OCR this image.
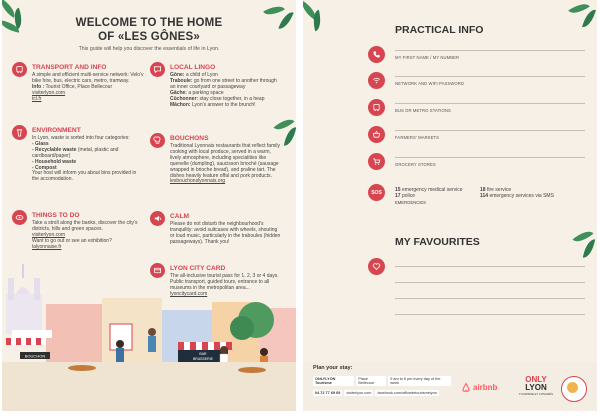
WELCOME TO THE HOME
OF «LES GÔNES»
This guide will help you discover the essentials of life in Lyon.
TRANSPORT AND INFO

A simple and efficient multi-service network: Velo'v bike hire, bus, electric cars, metro, tramway.

Info : Tourist Office, Place Bellecour

visiterlyon.com

tcl.fr

ENVIRONMENT

In Lyon, waste is sorted into four categories:

- Glass

- Recyclable waste (metal, plastic and cardboard/paper)

- Household waste

- Compost

Your host will inform you about bins provided in the accomodation.

THINGS TO DO

Take a stroll along the banks, discover the city's districts, hills and green spaces.

visiterlyon.com

Want to go out or see an exhibition?

lalyonnaise.fr

LOCAL LINGO

Gône: a child of Lyon

Traboule: go from one street to another through an inner courtyard or passageway

Gâche: a parking space

Cûchonner: stay close together, in a heap

Mâchon: Lyon's answer to the brunch!

BOUCHONS

Traditional Lyonnais restaurants that reflect family cooking with local produce, served in a warm, lively atmosphere, including specialities like quenelle (dumpling), saucisson brioché (sausage wrapped in brioche bread), and praline tart. The dishes heavily feature offal and pork products.

lesbouchonslyonnais.org

CALM

Please do not disturb the neighbourhood's tranquility: avoid suitcases with wheels, shouting or loud music, particularly in the traboules (hidden passageways). Thank you!

LYON CITY CARD

The all-inclusive tourist pass for 1, 2, 3 or 4 days. Public transport, guided tours, entrance to all museums in the metropolitan area...

lyoncitycard.com

BOUCHON	BAR
BRASSERIE
PRACTICAL INFO
MY FIRST NAME / MY NUMBER
NETWORK AND WIFI PASSWORD
BUS OR METRO STATIONS
FARMERS' MARKETS
GROCERY STORES
SOS	15 emergency medical service
17 police
EMERGENCIES
18 fire service
114 emergency services via SMS
MY FAVOURITES
Plan your stay:
ONLYLYON Tourisme
Place Bellecour
9 am to 6 pm every day of the week
04 72 77 69 69	visiterlyon.com	facebook.com/officedetourismelyon
airbnb
ONLY
LYON
TOURISME ET CONGRÈS
